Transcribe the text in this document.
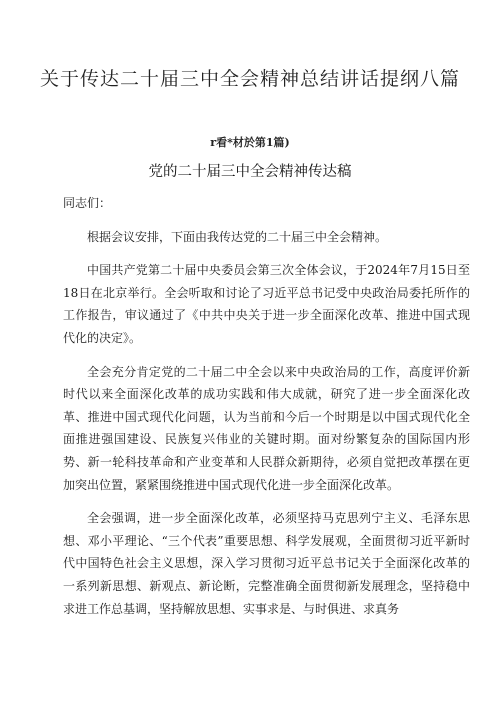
关于传达二十届三中全会精神总结讲话提纲八篇
r看*材於第1篇)
党的二十届三中全会精神传达稿

同志们：

根据会议安排，下面由我传达党的二十届三中全会精神。

中国共产党第二十届中央委员会第三次全体会议，于2024年7月15日至18日在北京举行。全会听取和讨论了习近平总书记受中央政治局委托所作的工作报告，审议通过了《中共中央关于进一步全面深化改革、推进中国式现代化的决定》。

全会充分肯定党的二十届二中全会以来中央政治局的工作，高度评价新时代以来全面深化改革的成功实践和伟大成就，研究了进一步全面深化改革、推进中国式现代化问题，认为当前和今后一个时期是以中国式现代化全面推进强国建设、民族复兴伟业的关键时期。面对纷繁复杂的国际国内形势、新一轮科技革命和产业变革和人民群众新期待，必须自觉把改革摆在更加突出位置，紧紧围绕推进中国式现代化进一步全面深化改革。

全会强调，进一步全面深化改革，必须坚持马克思列宁主义、毛泽东思想、邓小平理论、“三个代表”重要思想、科学发展观，全面贯彻习近平新时代中国特色社会主义思想，深入学习贯彻习近平总书记关于全面深化改革的一系列新思想、新观点、新论断，完整准确全面贯彻新发展理念，坚持稳中求进工作总基调，坚持解放思想、实事求是、与时俱进、求真务
